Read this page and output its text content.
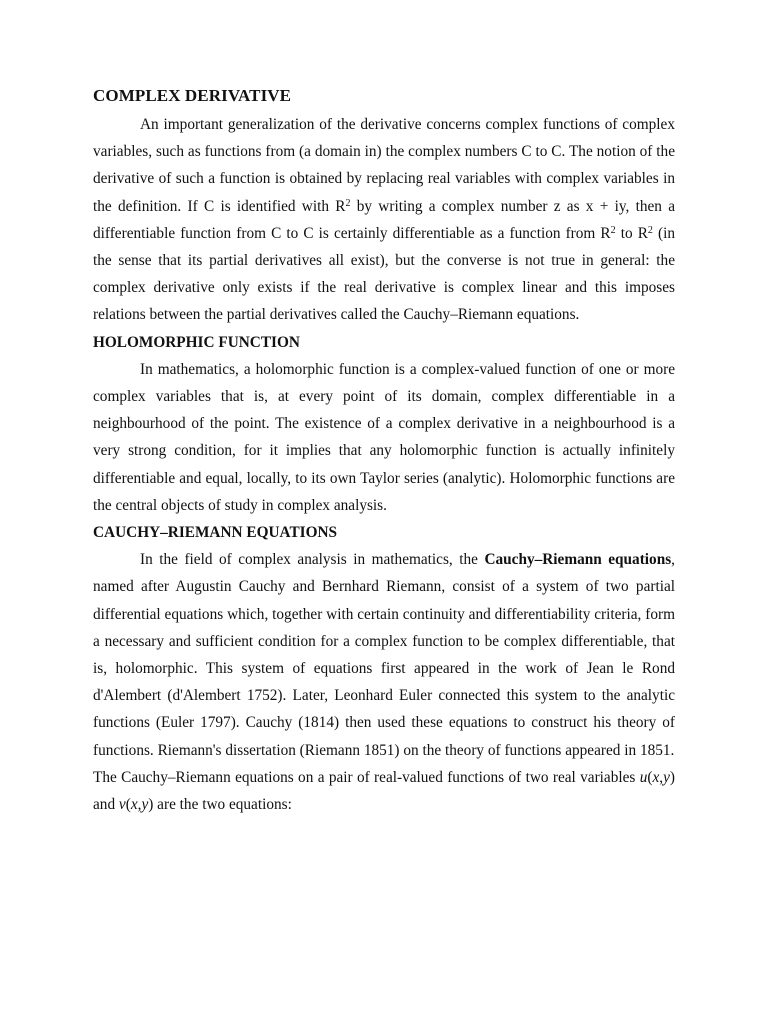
COMPLEX DERIVATIVE

An important generalization of the derivative concerns complex functions of complex variables, such as functions from (a domain in) the complex numbers C to C. The notion of the derivative of such a function is obtained by replacing real variables with complex variables in the definition. If C is identified with $R^2$ by writing a complex number z as x + iy, then a differentiable function from C to C is certainly differentiable as a function from $R^2$ to $R^2$ (in the sense that its partial derivatives all exist), but the converse is not true in general: the complex derivative only exists if the real derivative is complex linear and this imposes relations between the partial derivatives called the Cauchy–Riemann equations.

HOLOMORPHIC FUNCTION

In mathematics, a holomorphic function is a complex-valued function of one or more complex variables that is, at every point of its domain, complex differentiable in a neighbourhood of the point. The existence of a complex derivative in a neighbourhood is a very strong condition, for it implies that any holomorphic function is actually infinitely differentiable and equal, locally, to its own Taylor series (analytic). Holomorphic functions are the central objects of study in complex analysis.

CAUCHY–RIEMANN EQUATIONS

In the field of complex analysis in mathematics, the Cauchy–Riemann equations, named after Augustin Cauchy and Bernhard Riemann, consist of a system of two partial differential equations which, together with certain continuity and differentiability criteria, form a necessary and sufficient condition for a complex function to be complex differentiable, that is, holomorphic. This system of equations first appeared in the work of Jean le Rond d'Alembert (d'Alembert 1752). Later, Leonhard Euler connected this system to the analytic functions (Euler 1797). Cauchy (1814) then used these equations to construct his theory of functions. Riemann's dissertation (Riemann 1851) on the theory of functions appeared in 1851.

The Cauchy–Riemann equations on a pair of real-valued functions of two real variables u(x,y) and v(x,y) are the two equations:
